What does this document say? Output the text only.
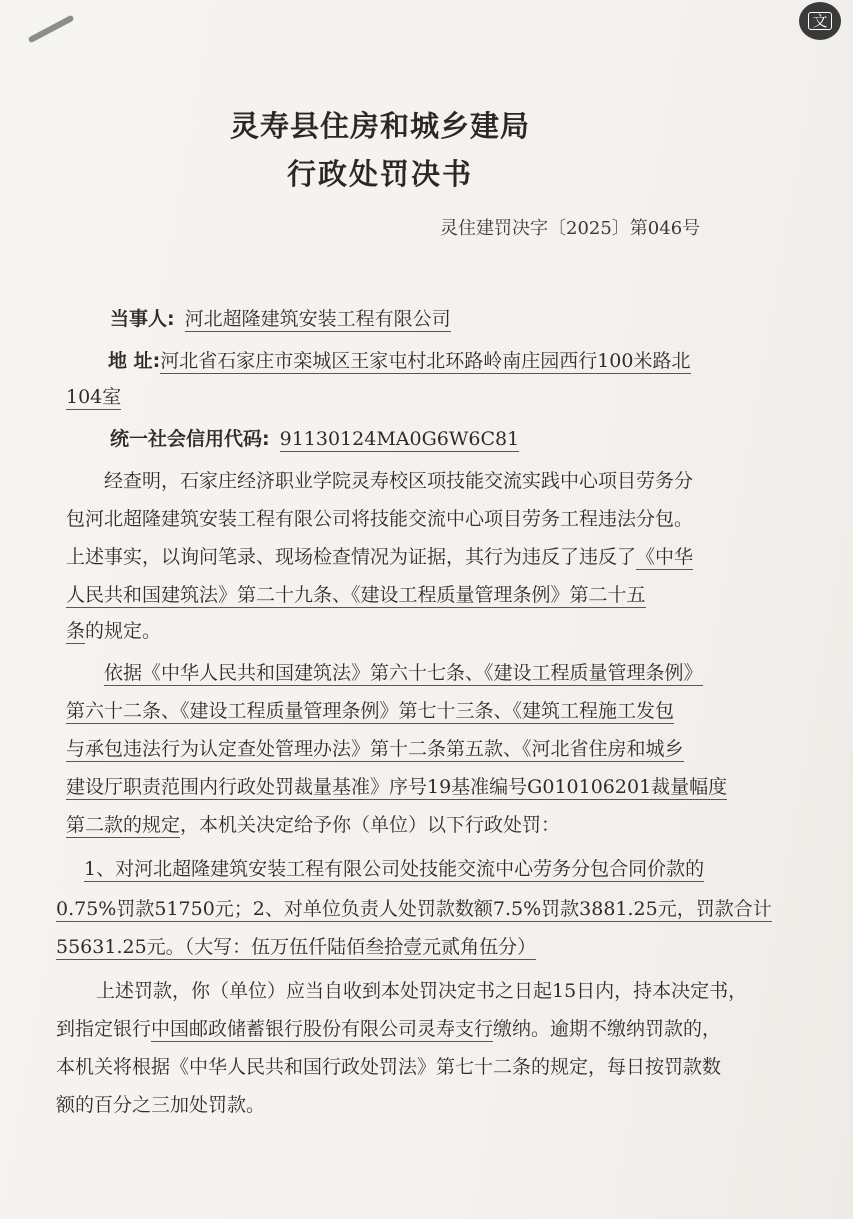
文
灵寿县住房和城乡建局
行政处罚决书
灵住建罚决字〔2025〕第046号
当事人: 河北超隆建筑安装工程有限公司
地 址:河北省石家庄市栾城区王家屯村北环路岭南庄园西行100米路北
104室
统一社会信用代码: 91130124MA0G6W6C81
经查明，石家庄经济职业学院灵寿校区项技能交流实践中心项目劳务分
包河北超隆建筑安装工程有限公司将技能交流中心项目劳务工程违法分包。
上述事实，以询问笔录、现场检查情况为证据，其行为违反了违反了《中华
人民共和国建筑法》第二十九条、《建设工程质量管理条例》第二十五
条的规定。
依据《中华人民共和国建筑法》第六十七条、《建设工程质量管理条例》
第六十二条、《建设工程质量管理条例》第七十三条、《建筑工程施工发包
与承包违法行为认定查处管理办法》第十二条第五款、《河北省住房和城乡
建设厅职责范围内行政处罚裁量基准》序号19基准编号G010106201裁量幅度
第二款的规定，本机关决定给予你（单位）以下行政处罚：
1、对河北超隆建筑安装工程有限公司处技能交流中心劳务分包合同价款的
0.75%罚款51750元；2、对单位负责人处罚款数额7.5%罚款3881.25元，罚款合计
55631.25元。（大写：伍万伍仟陆佰叁拾壹元贰角伍分）
上述罚款，你（单位）应当自收到本处罚决定书之日起15日内，持本决定书，
到指定银行中国邮政储蓄银行股份有限公司灵寿支行缴纳。逾期不缴纳罚款的，
本机关将根据《中华人民共和国行政处罚法》第七十二条的规定，每日按罚款数
额的百分之三加处罚款。
